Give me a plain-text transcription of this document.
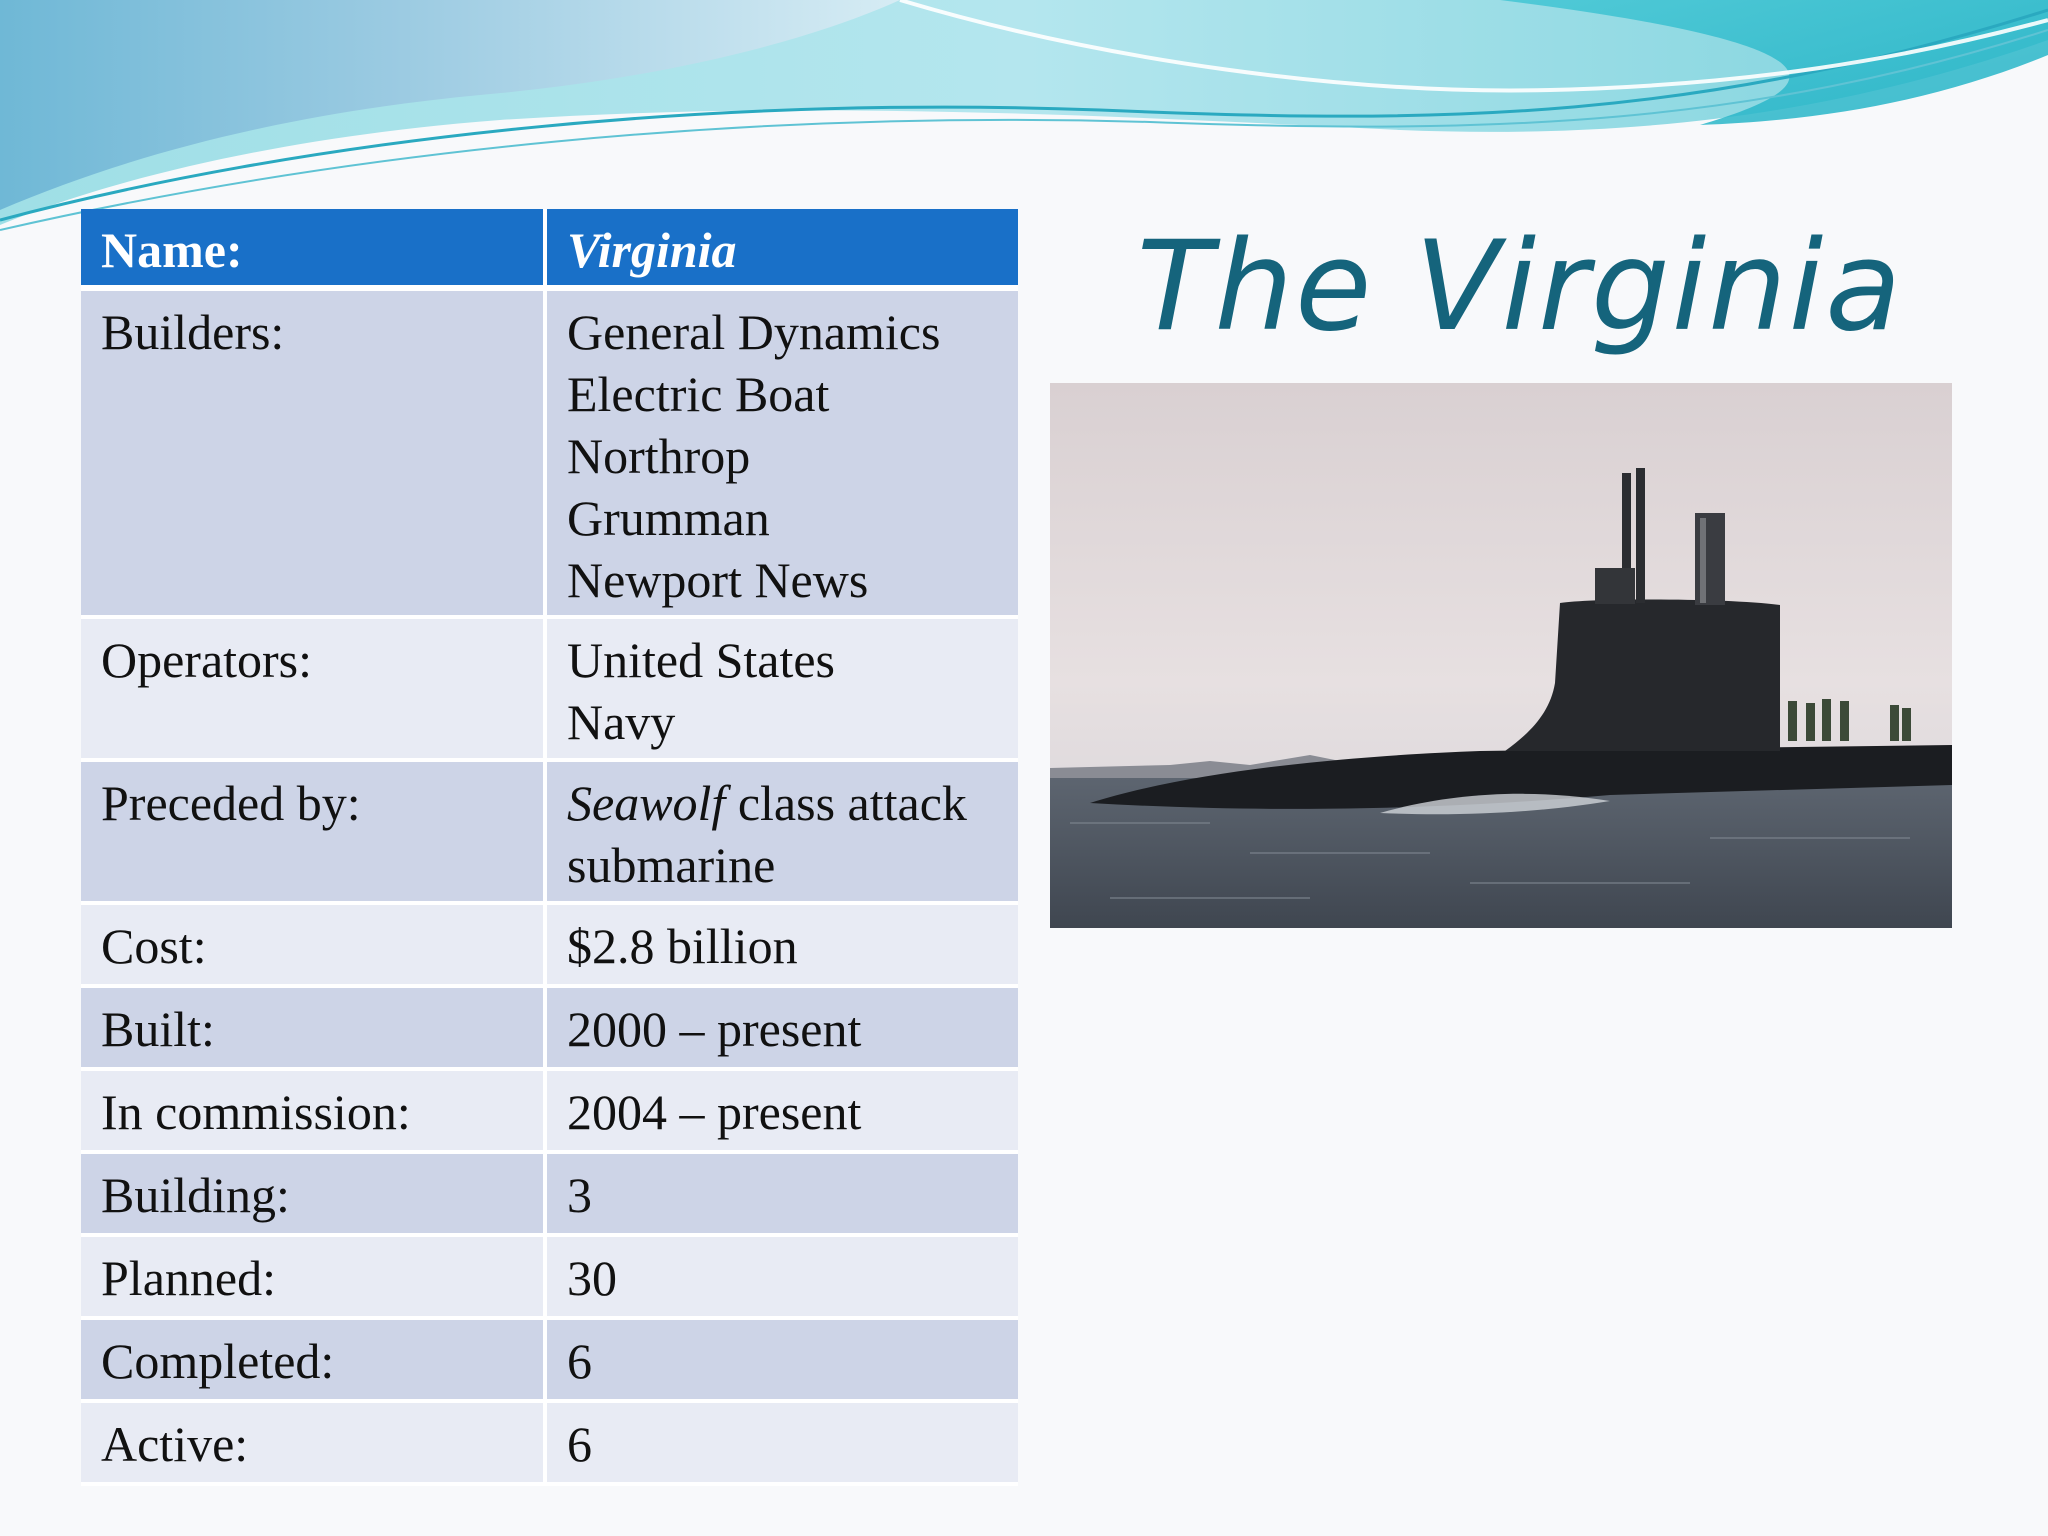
Name:	Virginia
Builders:	General Dynamics
Electric Boat
Northrop
Grumman
Newport News
Operators:	United States
Navy
Preceded by:	Seawolf class attack
submarine
Cost:	$2.8 billion
Built:	2000 – present
In commission:	2004 – present
Building:	3
Planned:	30
Completed:	6
Active:	6
The Virginia
